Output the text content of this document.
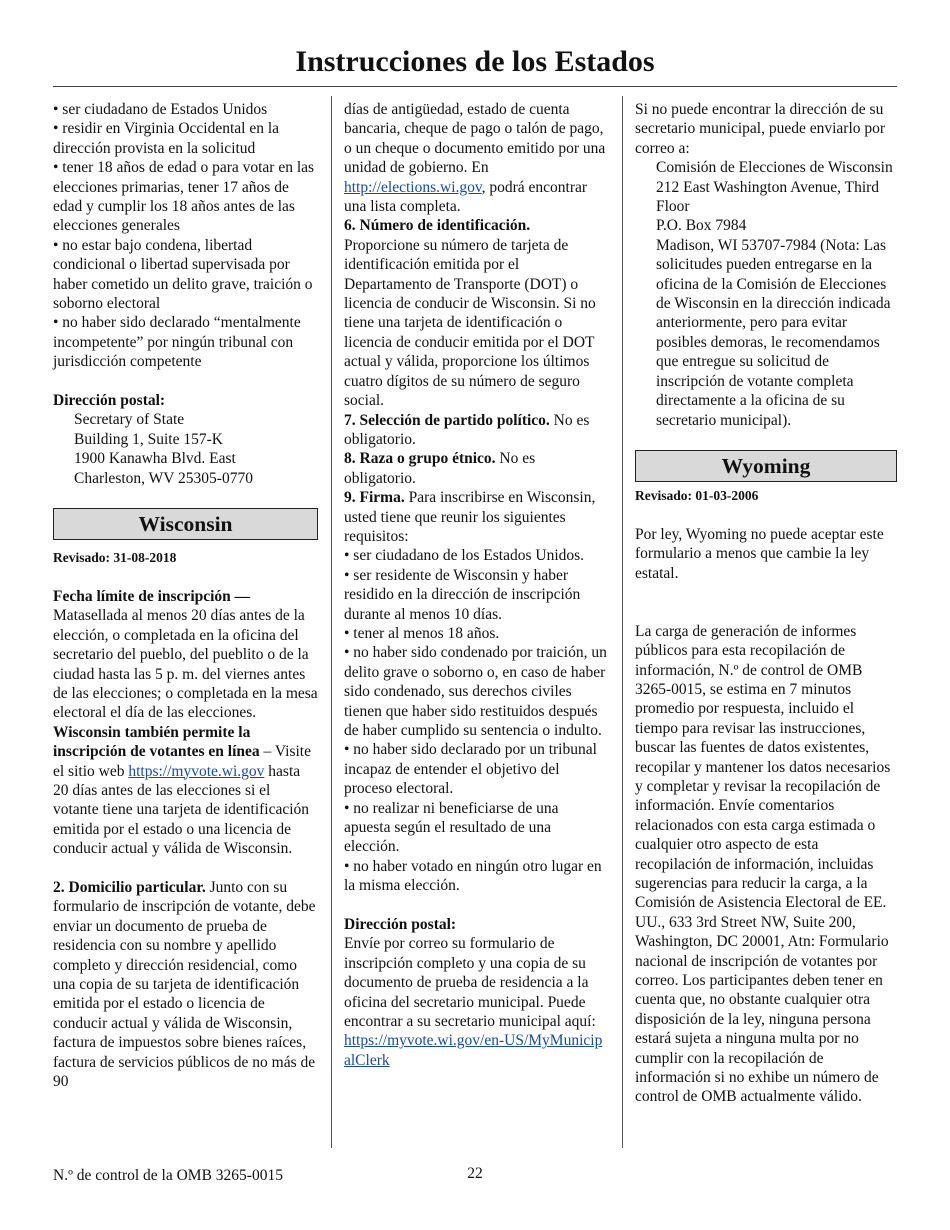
Instrucciones de los Estados

• ser ciudadano de Estados Unidos

• residir en Virginia Occidental en la dirección provista en la solicitud

• tener 18 años de edad o para votar en las elecciones primarias, tener 17 años de edad y cumplir los 18 años antes de las elecciones generales

• no estar bajo condena, libertad condicional o libertad supervisada por haber cometido un delito grave, traición o soborno electoral

• no haber sido declarado “mentalmente incompetente” por ningún tribunal con jurisdicción competente

Dirección postal:

Secretary of State

Building 1, Suite 157-K

1900 Kanawha Blvd. East

Charleston, WV 25305-0770

Wisconsin

Revisado: 31-08-2018

Fecha límite de inscripción — Matasellada al menos 20 días antes de la elección, o completada en la oficina del secretario del pueblo, del pueblito o de la ciudad hasta las 5 p. m. del viernes antes de las elecciones; o completada en la mesa electoral el día de las elecciones. Wisconsin también permite la inscripción de votantes en línea – Visite el sitio web https://myvote.wi.gov hasta 20 días antes de las elecciones si el votante tiene una tarjeta de identificación emitida por el estado o una licencia de conducir actual y válida de Wisconsin.

2. Domicilio particular. Junto con su formulario de inscripción de votante, debe enviar un documento de prueba de residencia con su nombre y apellido completo y dirección residencial, como una copia de su tarjeta de identificación emitida por el estado o licencia de conducir actual y válida de Wisconsin, factura de impuestos sobre bienes raíces, factura de servicios públicos de no más de 90

días de antigüedad, estado de cuenta bancaria, cheque de pago o talón de pago, o un cheque o documento emitido por una unidad de gobierno. En http://elections.wi.gov, podrá encontrar una lista completa.

6. Número de identificación.

Proporcione su número de tarjeta de identificación emitida por el Departamento de Transporte (DOT) o licencia de conducir de Wisconsin. Si no tiene una tarjeta de identificación o licencia de conducir emitida por el DOT actual y válida, proporcione los últimos cuatro dígitos de su número de seguro social.

7. Selección de partido político. No es obligatorio.

8. Raza o grupo étnico. No es obligatorio.

9. Firma. Para inscribirse en Wisconsin, usted tiene que reunir los siguientes requisitos:

• ser ciudadano de los Estados Unidos.

• ser residente de Wisconsin y haber residido en la dirección de inscripción durante al menos 10 días.

• tener al menos 18 años.

• no haber sido condenado por traición, un delito grave o soborno o, en caso de haber sido condenado, sus derechos civiles tienen que haber sido restituidos después de haber cumplido su sentencia o indulto.

• no haber sido declarado por un tribunal incapaz de entender el objetivo del proceso electoral.

• no realizar ni beneficiarse de una apuesta según el resultado de una elección.

• no haber votado en ningún otro lugar en la misma elección.

Dirección postal:

Envíe por correo su formulario de inscripción completo y una copia de su documento de prueba de residencia a la oficina del secretario municipal. Puede encontrar a su secretario municipal aquí: https://myvote.wi.gov/en-US/MyMunicipalClerk

Si no puede encontrar la dirección de su secretario municipal, puede enviarlo por correo a:

Comisión de Elecciones de Wisconsin

212 East Washington Avenue, Third Floor

P.O. Box 7984

Madison, WI 53707-7984 (Nota: Las solicitudes pueden entregarse en la oficina de la Comisión de Elecciones de Wisconsin en la dirección indicada anteriormente, pero para evitar posibles demoras, le recomendamos que entregue su solicitud de inscripción de votante completa directamente a la oficina de su secretario municipal).

Wyoming

Revisado: 01-03-2006

Por ley, Wyoming no puede aceptar este formulario a menos que cambie la ley estatal.

La carga de generación de informes públicos para esta recopilación de información, N.º de control de OMB 3265-0015, se estima en 7 minutos promedio por respuesta, incluido el tiempo para revisar las instrucciones, buscar las fuentes de datos existentes, recopilar y mantener los datos necesarios y completar y revisar la recopilación de información. Envíe comentarios relacionados con esta carga estimada o cualquier otro aspecto de esta recopilación de información, incluidas sugerencias para reducir la carga, a la Comisión de Asistencia Electoral de EE. UU., 633 3rd Street NW, Suite 200, Washington, DC 20001, Atn: Formulario nacional de inscripción de votantes por correo. Los participantes deben tener en cuenta que, no obstante cualquier otra disposición de la ley, ninguna persona estará sujeta a ninguna multa por no cumplir con la recopilación de información si no exhibe un número de control de OMB actualmente válido.

N.º de control de la OMB 3265-0015	22
